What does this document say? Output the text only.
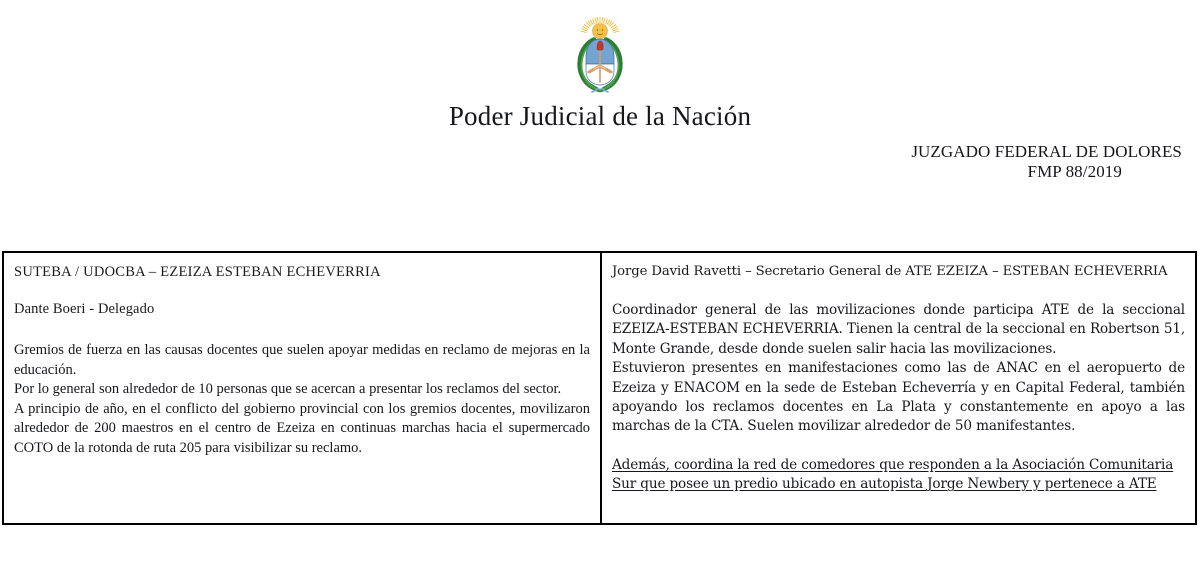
Poder Judicial de la Nación
JUZGADO FEDERAL DE DOLORES
FMP 88/2019
SUTEBA / UDOCBA – EZEIZA ESTEBAN ECHEVERRIA
Dante Boeri - Delegado

Gremios de fuerza en las causas docentes que suelen apoyar medidas en reclamo de mejoras en la educación.

Por lo general son alrededor de 10 personas que se acercan a presentar los reclamos del sector.

A principio de año, en el conflicto del gobierno provincial con los gremios docentes, movilizaron alrededor de 200 maestros en el centro de Ezeiza en continuas marchas hacia el supermercado COTO de la rotonda de ruta 205 para visibilizar su reclamo.

Jorge David Ravetti – Secretario General de ATE EZEIZA – ESTEBAN ECHEVERRIA

Coordinador general de las movilizaciones donde participa ATE de la seccional EZEIZA-ESTEBAN ECHEVERRIA. Tienen la central de la seccional en Robertson 51, Monte Grande, desde donde suelen salir hacia las movilizaciones.

Estuvieron presentes en manifestaciones como las de ANAC en el aeropuerto de Ezeiza y ENACOM en la sede de Esteban Echeverría y en Capital Federal, también apoyando los reclamos docentes en La Plata y constantemente en apoyo a las marchas de la CTA. Suelen movilizar alrededor de 50 manifestantes.

Además, coordina la red de comedores que responden a la Asociación Comunitaria Sur que posee un predio ubicado en autopista Jorge Newbery y pertenece a ATE
